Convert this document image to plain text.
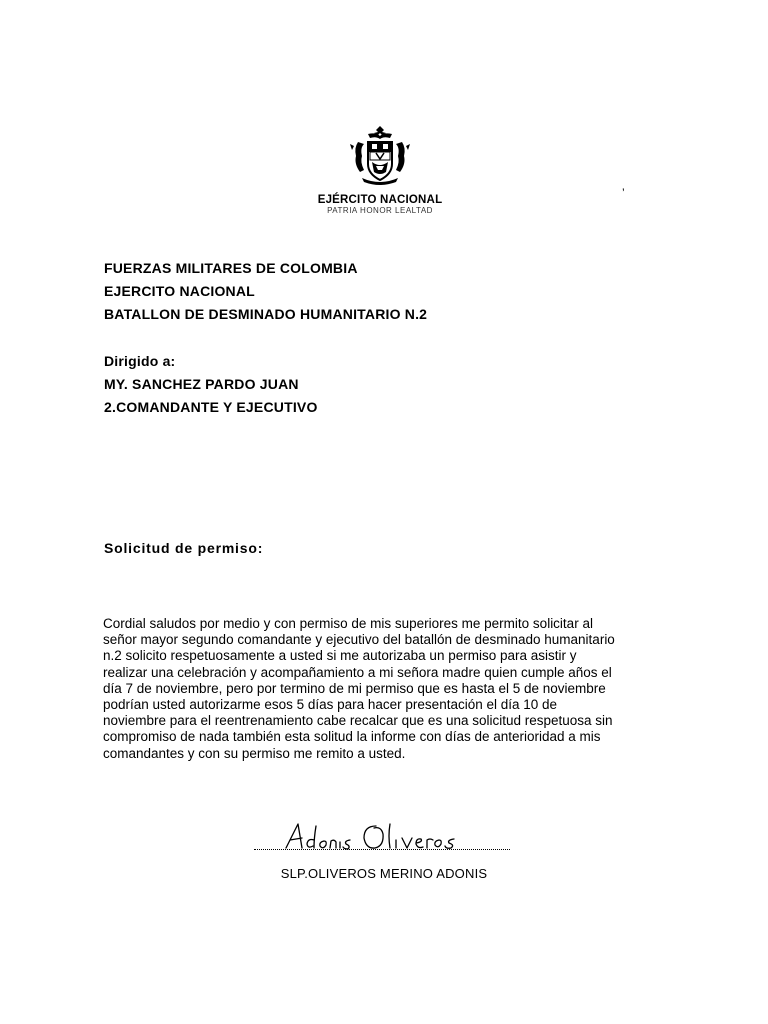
EJÉRCITO NACIONAL
PATRIA HONOR LEALTAD
’
FUERZAS MILITARES DE COLOMBIA
EJERCITO NACIONAL
BATALLON DE DESMINADO HUMANITARIO N.2
Dirigido a:
MY. SANCHEZ PARDO JUAN
2.COMANDANTE Y EJECUTIVO
Solicitud de permiso:
Cordial saludos por medio y con permiso de mis superiores me permito solicitar al
señor mayor segundo comandante y ejecutivo del batallón de desminado humanitario
n.2 solicito respetuosamente a usted si me autorizaba un permiso para asistir y
realizar una celebración y acompañamiento a mi señora madre quien cumple años el
día 7 de noviembre, pero por termino de mi permiso que es hasta el 5 de noviembre
podrían usted autorizarme esos 5 días para hacer presentación el día 10 de
noviembre para el reentrenamiento cabe recalcar que es una solicitud respetuosa sin
compromiso de nada también esta solitud la informe con días de anterioridad a mis
comandantes y con su permiso me remito a usted.
SLP.OLIVEROS MERINO ADONIS
